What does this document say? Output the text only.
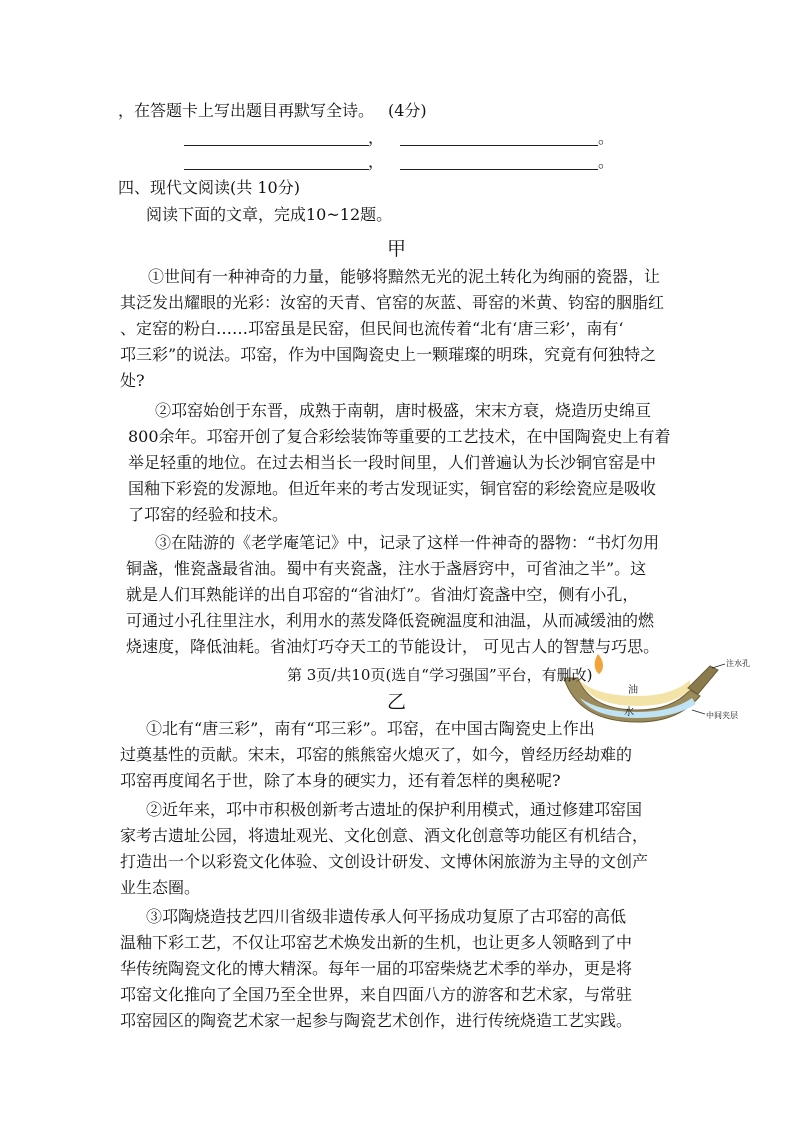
，在答题卡上写出题目再默写全诗。 (4分)
，	。
，	。
四、现代文阅读(共 10分)
阅读下面的文章，完成10~12题。
甲
①世间有一种神奇的力量，能够将黯然无光的泥土转化为绚丽的瓷器，让
其泛发出耀眼的光彩：汝窑的天青、官窑的灰蓝、哥窑的米黄、钧窑的胭脂红
、定窑的粉白……邛窑虽是民窑，但民间也流传着“北有‘唐三彩’，南有‘
邛三彩”的说法。邛窑，作为中国陶瓷史上一颗璀璨的明珠，究竟有何独特之
处?
②邛窑始创于东晋，成熟于南朝，唐时极盛，宋末方衰，烧造历史绵亘
800余年。邛窑开创了复合彩绘装饰等重要的工艺技术，在中国陶瓷史上有着
举足轻重的地位。在过去相当长一段时间里，人们普遍认为长沙铜官窑是中
国釉下彩瓷的发源地。但近年来的考古发现证实，铜官窑的彩绘瓷应是吸收
了邛窑的经验和技术。
③在陆游的《老学庵笔记》中，记录了这样一件神奇的器物：“书灯勿用
铜盏，惟瓷盏最省油。蜀中有夹瓷盏，注水于盏唇窍中，可省油之半”。这
就是人们耳熟能详的出自邛窑的“省油灯”。省油灯瓷盏中空，侧有小孔，
可通过小孔往里注水，利用水的蒸发降低瓷碗温度和油温，从而减缓油的燃
烧速度，降低油耗。省油灯巧夺天工的节能设计， 可见古人的智慧与巧思。
注水孔
油
水	中间夹层
第 3页/共10页(选自“学习强国”平台，有删改)
乙
①北有“唐三彩”，南有“邛三彩”。邛窑，在中国古陶瓷史上作出
过奠基性的贡献。宋末，邛窑的熊熊窑火熄灭了，如今，曾经历经劫难的
邛窑再度闻名于世，除了本身的硬实力，还有着怎样的奥秘呢?
②近年来，邛中市积极创新考古遗址的保护利用模式，通过修建邛窑国
家考古遗址公园，将遗址观光、文化创意、酒文化创意等功能区有机结合，
打造出一个以彩瓷文化体验、文创设计研发、文博休闲旅游为主导的文创产
业生态圈。
③邛陶烧造技艺四川省级非遗传承人何平扬成功复原了古邛窑的高低
温釉下彩工艺，不仅让邛窑艺术焕发出新的生机，也让更多人领略到了中
华传统陶瓷文化的博大精深。每年一届的邛窑柴烧艺术季的举办，更是将
邛窑文化推向了全国乃至全世界，来自四面八方的游客和艺术家，与常驻
邛窑园区的陶瓷艺术家一起参与陶瓷艺术创作，进行传统烧造工艺实践。
